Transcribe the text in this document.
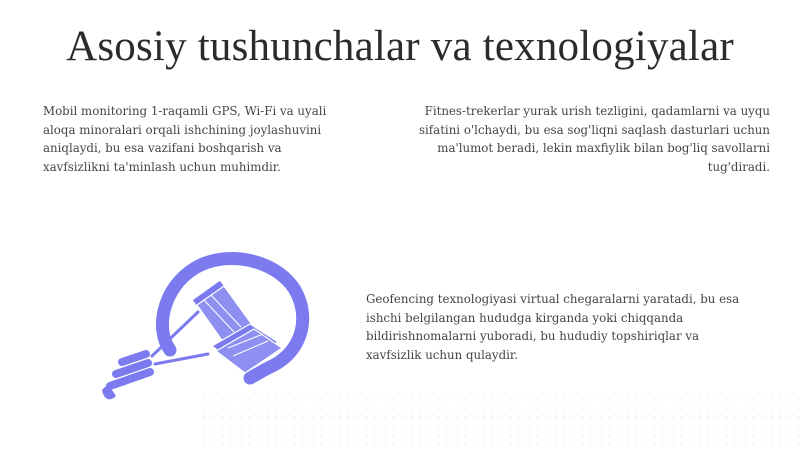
Asosiy tushunchalar va texnologiyalar
Mobil monitoring 1-raqamli GPS, Wi-Fi va uyali aloqa minoralari orqali ishchining joylashuvini aniqlaydi, bu esa vazifani boshqarish va xavfsizlikni ta'minlash uchun muhimdir.
Fitnes-trekerlar yurak urish tezligini, qadamlarni va uyqu sifatini o'lchaydi, bu esa sog'liqni saqlash dasturlari uchun ma'lumot beradi, lekin maxfiylik bilan bog'liq savollarni tug'diradi.
Geofencing texnologiyasi virtual chegaralarni yaratadi, bu esa ishchi belgilangan hududga kirganda yoki chiqqanda bildirishnomalarni yuboradi, bu hududiy topshiriqlar va xavfsizlik uchun qulaydir.
